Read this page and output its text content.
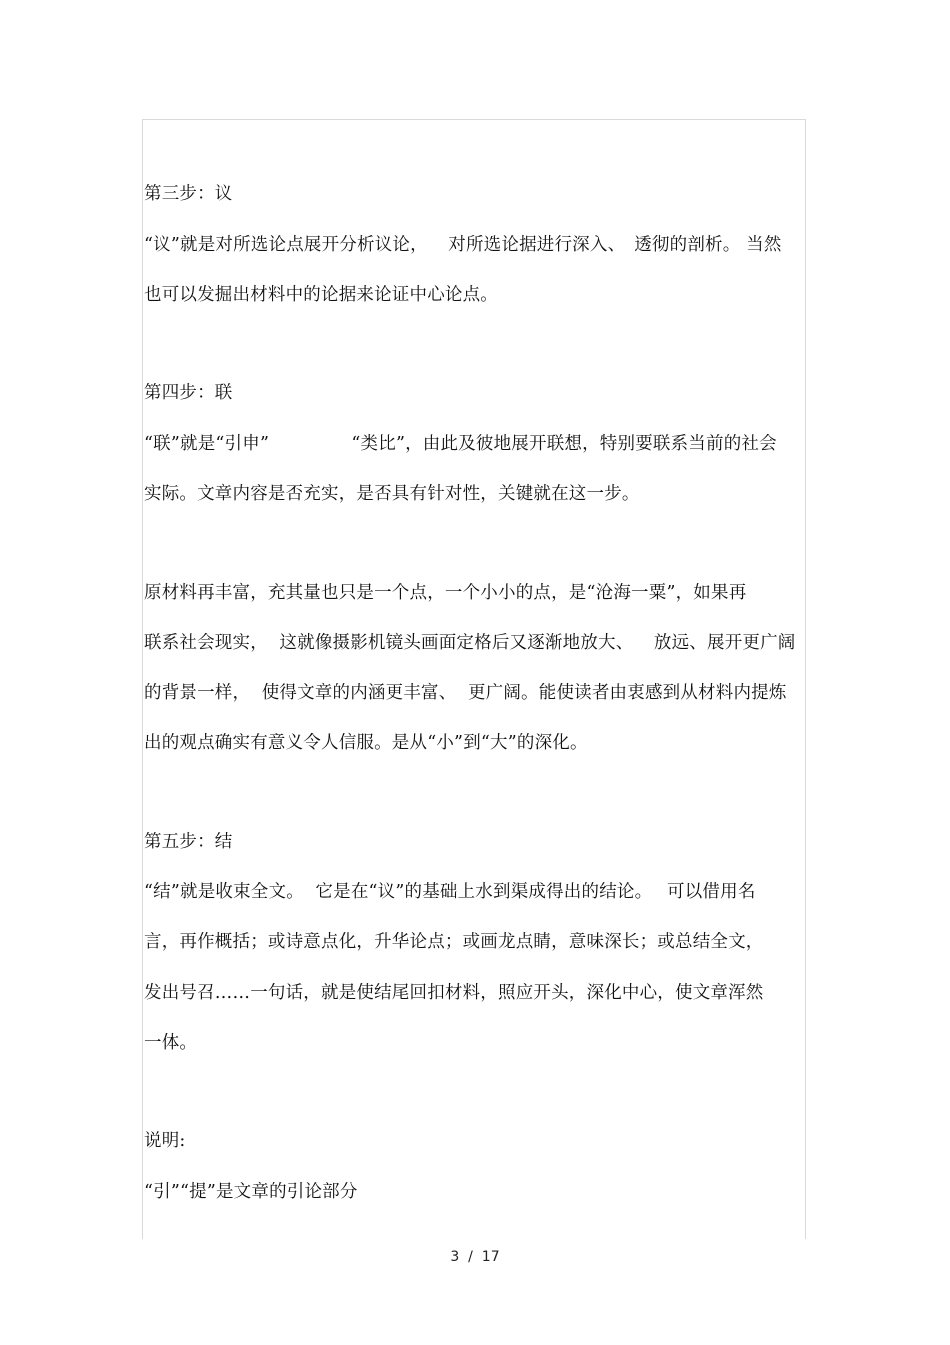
第三步：议
“议”就是对所选论点展开分析议论，　  对所选论据进行深入、　透彻的剖析。 当然
也可以发掘出材料中的论据来论证中心论点。
第四步：联
“联”就是“引申”　　　　  “类比”，由此及彼地展开联想，特别要联系当前的社会
实际。文章内容是否充实，是否具有针对性，关键就在这一步。
原材料再丰富，充其量也只是一个点，一个小小的点，是“沧海一粟”，如果再
联系社会现实，  这就像摄影机镜头画面定格后又逐渐地放大、　  放远、展开更广阔
的背景一样，  使得文章的内涵更丰富、  更广阔。能使读者由衷感到从材料内提炼
出的观点确实有意义令人信服。是从“小”到“大”的深化。
第五步：结
“结”就是收束全文。  它是在“议”的基础上水到渠成得出的结论。　 可以借用名
言，再作概括；或诗意点化，升华论点；或画龙点睛，意味深长；或总结全文，
发出号召……一句话，就是使结尾回扣材料，照应开头，深化中心，使文章浑然
一体。
说明:
“引”“提”是文章的引论部分
3  /  17
